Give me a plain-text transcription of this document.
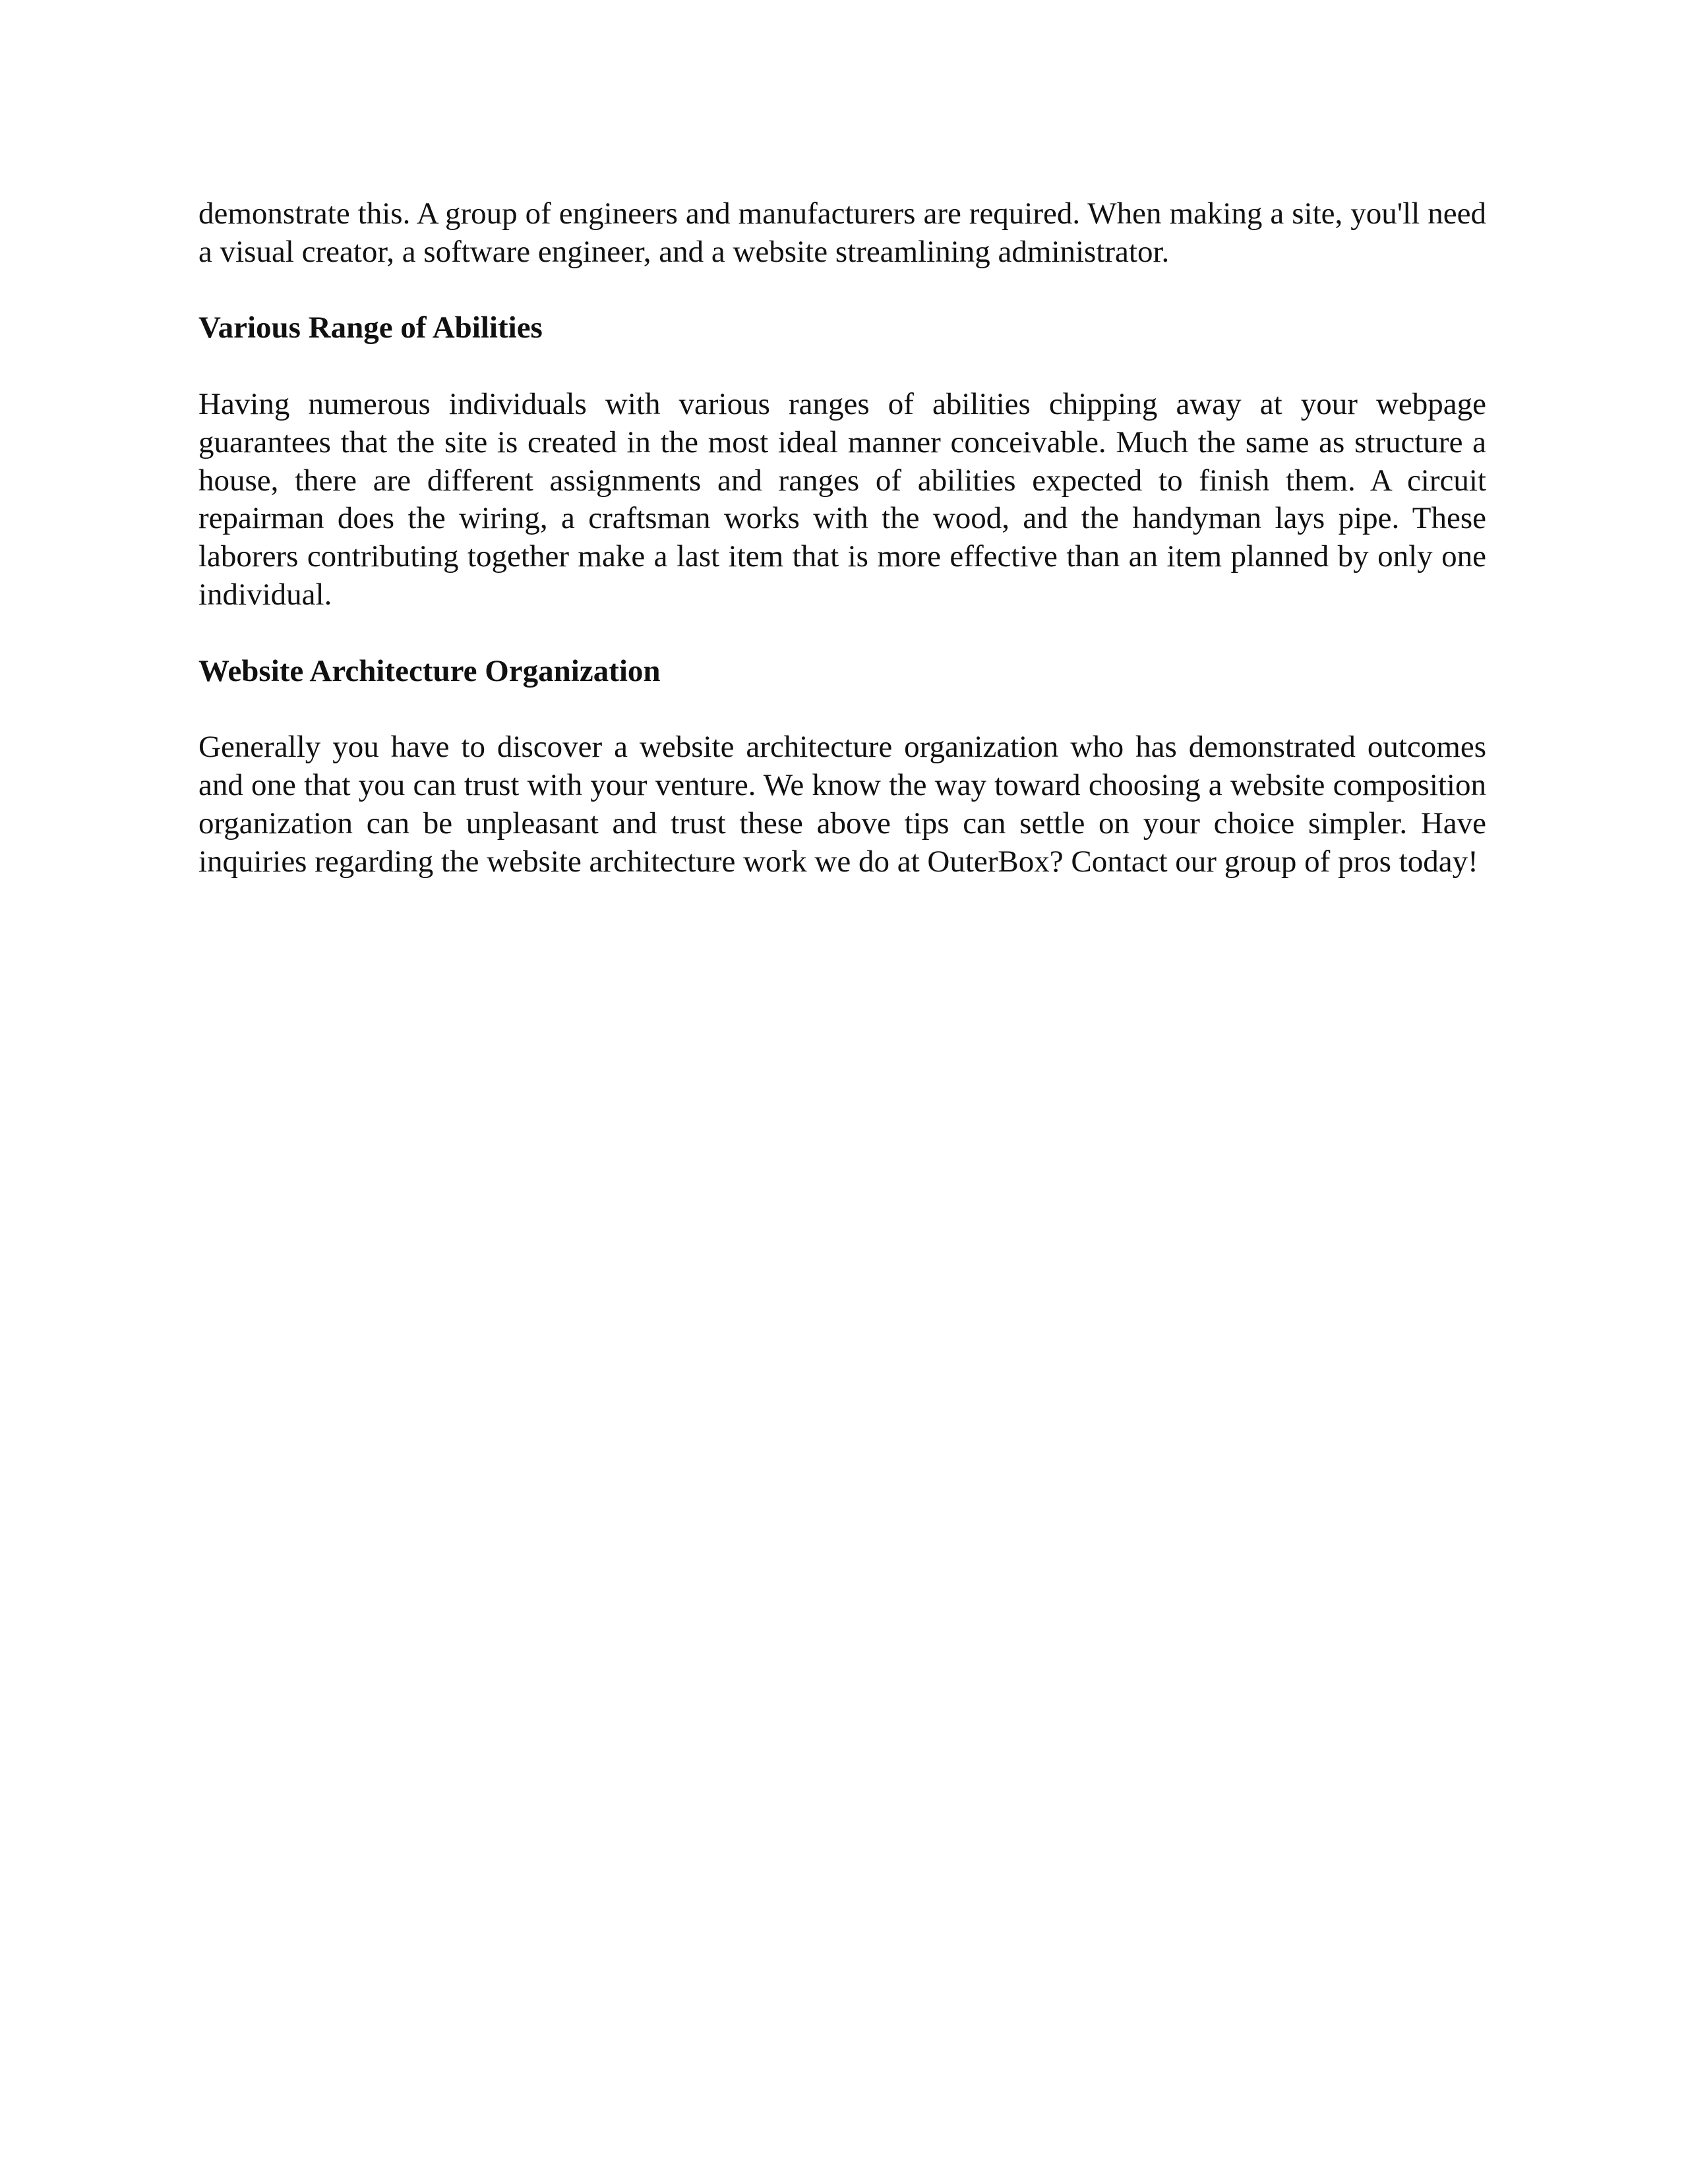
demonstrate this. A group of engineers and manufacturers are required. When making a site, you'll need a visual creator, a software engineer, and a website streamlining administrator.

Various Range of Abilities

Having numerous individuals with various ranges of abilities chipping away at your webpage guarantees that the site is created in the most ideal manner conceivable. Much the same as structure a house, there are different assignments and ranges of abilities expected to finish them. A circuit repairman does the wiring, a craftsman works with the wood, and the handyman lays pipe. These laborers contributing together make a last item that is more effective than an item planned by only one individual.

Website Architecture Organization

Generally you have to discover a website architecture organization who has demonstrated outcomes and one that you can trust with your venture. We know the way toward choosing a website composition organization can be unpleasant and trust these above tips can settle on your choice simpler. Have inquiries regarding the website architecture work we do at OuterBox? Contact our group of pros today!
